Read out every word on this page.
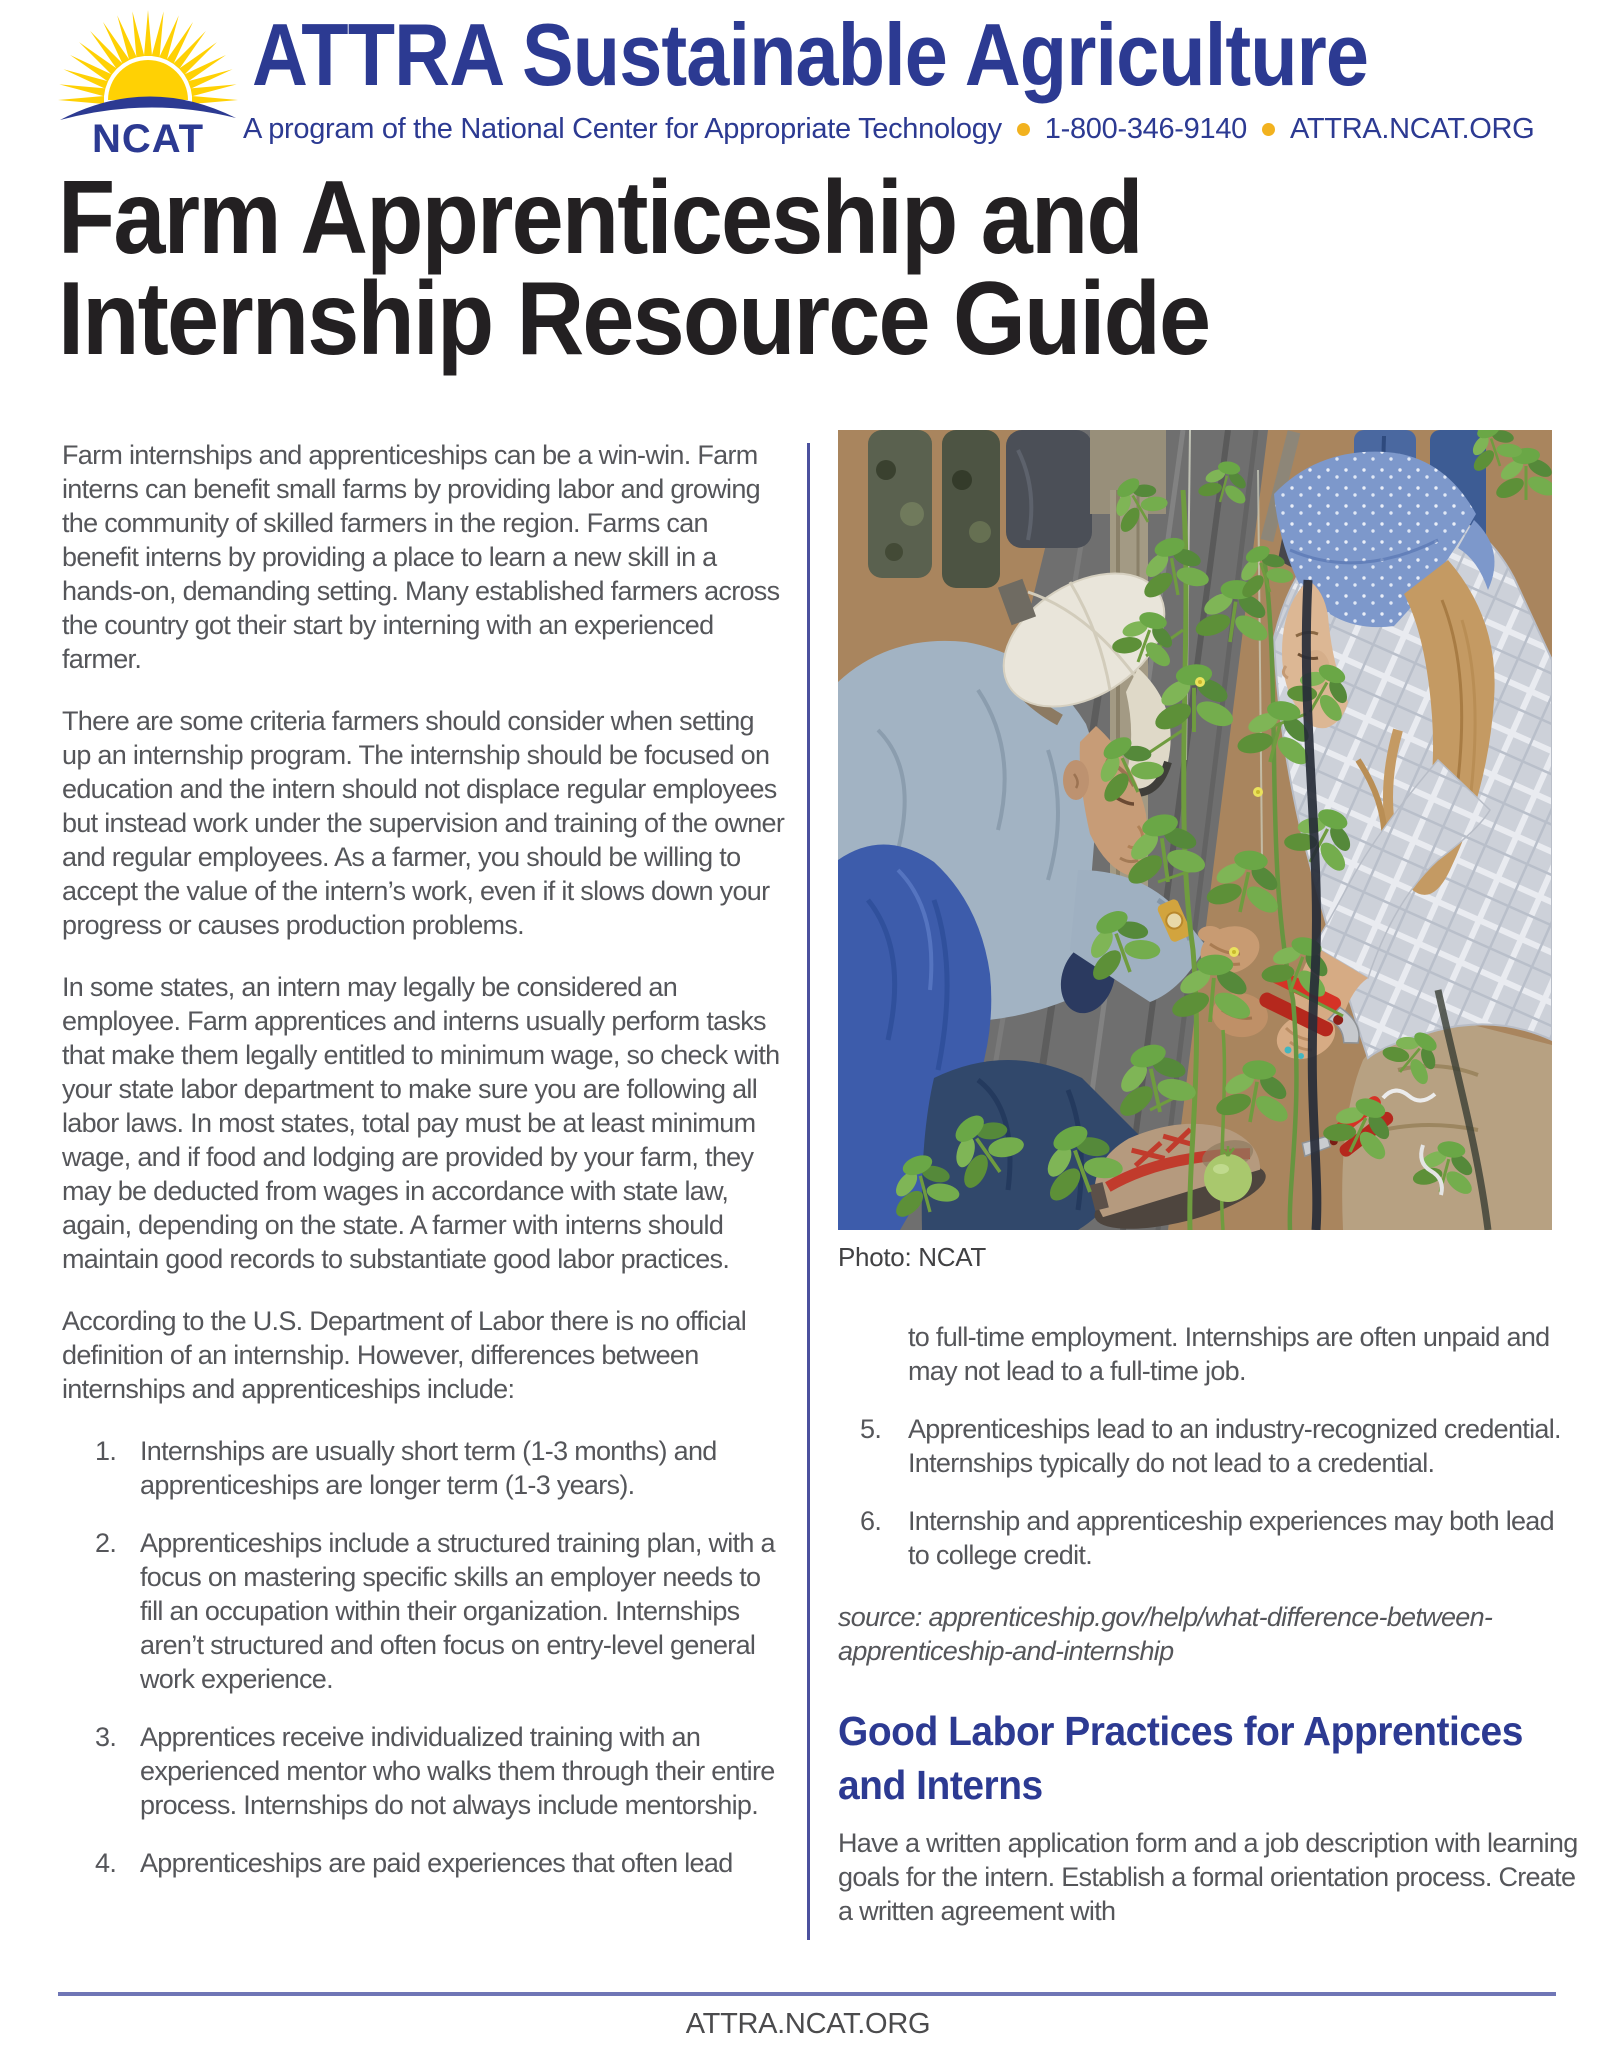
NCAT
ATTRA Sustainable Agriculture
A program of the National Center for Appropriate Technology 1-800-346-9140 ATTRA.NCAT.ORG
Farm Apprenticeship and
Internship Resource Guide

Farm internships and apprenticeships can be a win-win. Farm interns can benefit small farms by providing labor and growing the community of skilled farmers in the region. Farms can benefit interns by providing a place to learn a new skill in a hands-on, demanding setting. Many established farmers across the country got their start by interning with an experienced farmer.

There are some criteria farmers should consider when setting up an internship program. The internship should be focused on education and the intern should not displace regular employees but instead work under the supervision and training of the owner and regular employees. As a farmer, you should be willing to accept the value of the intern’s work, even if it slows down your progress or causes production problems.

In some states, an intern may legally be considered an employee. Farm apprentices and interns usually perform tasks that make them legally entitled to minimum wage, so check with your state labor department to make sure you are following all labor laws. In most states, total pay must be at least minimum wage, and if food and lodging are provided by your farm, they may be deducted from wages in accordance with state law, again, depending on the state. A farmer with interns should maintain good records to substantiate good labor practices.

According to the U.S. Department of Labor there is no official definition of an internship. However, differences between internships and apprenticeships include:

1. Internships are usually short term (1-3 months) and apprenticeships are longer term (1-3 years).
2. Apprenticeships include a structured training plan, with a focus on mastering specific skills an employer needs to fill an occupation within their organization. Internships aren’t structured and often focus on entry-level general work experience.
3. Apprentices receive individualized training with an experienced mentor who walks them through their entire process. Internships do not always include mentorship.
4. Apprenticeships are paid experiences that often lead
Photo: NCAT

to full-time employment. Internships are often unpaid and may not lead to a full-time job.

5. Apprenticeships lead to an industry-recognized credential. Internships typically do not lead to a credential.
6. Internship and apprenticeship experiences may both lead to college credit.

source: apprenticeship.gov/help/what-difference-between-apprenticeship-and-internship

Good Labor Practices for Apprentices and Interns

Have a written application form and a job description with learning goals for the intern. Establish a formal orientation process. Create a written agreement with

ATTRA.NCAT.ORG
